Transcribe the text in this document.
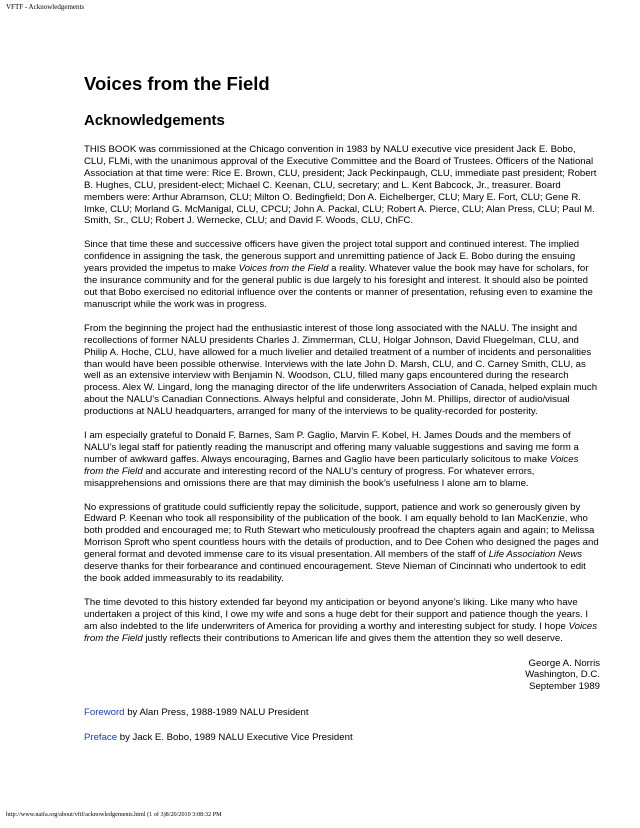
VFTF - Acknowledgements
Voices from the Field
Acknowledgements

THIS BOOK was commissioned at the Chicago convention in 1983 by NALU executive vice president Jack E. Bobo, CLU, FLMi, with the unanimous approval of the Executive Committee and the Board of Trustees. Officers of the National Association at that time were: Rice E. Brown, CLU, president; Jack Peckinpaugh, CLU, immediate past president; Robert B. Hughes, CLU, president-elect; Michael C. Keenan, CLU, secretary; and L. Kent Babcock, Jr., treasurer. Board members were: Arthur Abramson, CLU; Milton O. Bedingfield; Don A. Eichelberger, CLU; Mary E. Fort, CLU; Gene R. Imke, CLU; Morland G. McManigal, CLU, CPCU; John A. Packal, CLU; Robert A. Pierce, CLU; Alan Press, CLU; Paul M. Smith, Sr., CLU; Robert J. Wernecke, CLU; and David F. Woods, CLU, ChFC.

Since that time these and successive officers have given the project total support and continued interest. The implied confidence in assigning the task, the generous support and unremitting patience of Jack E. Bobo during the ensuing years provided the impetus to make Voices from the Field a reality. Whatever value the book may have for scholars, for the insurance community and for the general public is due largely to his foresight and interest. It should also be pointed out that Bobo exercised no editorial influence over the contents or manner of presentation, refusing even to examine the manuscript while the work was in progress.

From the beginning the project had the enthusiastic interest of those long associated with the NALU. The insight and recollections of former NALU presidents Charles J. Zimmerman, CLU, Holgar Johnson, David Fluegelman, CLU, and Philip A. Hoche, CLU, have allowed for a much livelier and detailed treatment of a number of incidents and personalities than would have been possible otherwise. Interviews with the late John D. Marsh, CLU, and C. Carney Smith, CLU, as well as an extensive interview with Benjamin N. Woodson, CLU, filled many gaps encountered during the research process. Alex W. Lingard, long the managing director of the life underwriters Association of Canada, helped explain much about the NALU’s Canadian Connections. Always helpful and considerate, John M. Phillips, director of audio/visual productions at NALU headquarters, arranged for many of the interviews to be quality-recorded for posterity.

I am especially grateful to Donald F. Barnes, Sam P. Gaglio, Marvin F. Kobel, H. James Douds and the members of NALU’s legal staff for patiently reading the manuscript and offering many valuable suggestions and saving me form a number of awkward gaffes. Always encouraging, Barnes and Gaglio have been particularly solicitous to make Voices from the Field and accurate and interesting record of the NALU’s century of progress. For whatever errors, misapprehensions and omissions there are that may diminish the book’s usefulness I alone am to blame.

No expressions of gratitude could sufficiently repay the solicitude, support, patience and work so generously given by Edward P. Keenan who took all responsibility of the publication of the book. I am equally behold to Ian MacKenzie, who both prodded and encouraged me; to Ruth Stewart who meticulously proofread the chapters again and again; to Melissa Morrison Sproft who spent countless hours with the details of production, and to Dee Cohen who designed the pages and general format and devoted immense care to its visual presentation. All members of the staff of Life Association News deserve thanks for their forbearance and continued encouragement. Steve Nieman of Cincinnati who undertook to edit the book added immeasurably to its readability.

The time devoted to this history extended far beyond my anticipation or beyond anyone’s liking. Like many who have undertaken a project of this kind, I owe my wife and sons a huge debt for their support and patience though the years. I am also indebted to the life underwriters of America for providing a worthy and interesting subject for study. I hope Voices from the Field justly reflects their contributions to American life and gives them the attention they so well deserve.

George A. Norris
Washington, D.C.
September 1989
Foreword by Alan Press, 1988-1989 NALU President
Preface by Jack E. Bobo, 1989 NALU Executive Vice President
http://www.naifa.org/about/vftf/acknowledgements.html (1 of 3)8/20/2010 3:08:32 PM
